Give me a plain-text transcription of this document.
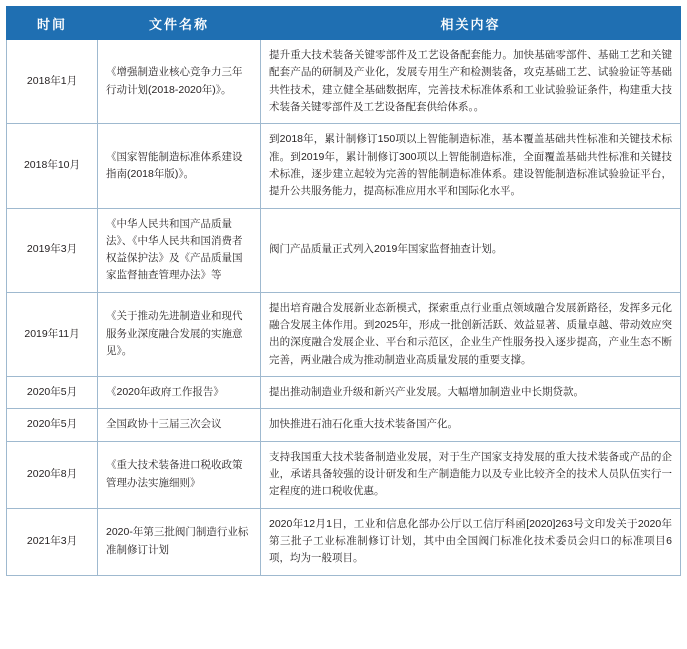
时间	文件名称	相关内容
2018年1月	《增强制造业核心竞争力三年行动计划(2018-2020年)》。	提升重大技术装备关键零部件及工艺设备配套能力。加快基础零部件、基础工艺和关键配套产品的研制及产业化，发展专用生产和检测装备，攻克基础工艺、试验验证等基础共性技术，建立健全基础数据库，完善技术标准体系和工业试验验证条件，构建重大技术装备关键零部件及工艺设备配套供给体系。。
2018年10月	《国家智能制造标准体系建设指南(2018年版)》。	到2018年，累计制修订150项以上智能制造标准，基本覆盖基础共性标准和关键技术标准。到2019年，累计制修订300项以上智能制造标准，全面覆盖基础共性标准和关键技术标准，逐步建立起较为完善的智能制造标准体系。建设智能制造标准试验验证平台，提升公共服务能力，提高标准应用水平和国际化水平。
2019年3月	《中华人民共和国产品质量法》、《中华人民共和国消费者权益保护法》及《产品质量国家监督抽查管理办法》等	阀门产品质量正式列入2019年国家监督抽查计划。
2019年11月	《关于推动先进制造业和现代服务业深度融合发展的实施意见》。	提出培育融合发展新业态新模式，探索重点行业重点领域融合发展新路径，发挥多元化融合发展主体作用。到2025年，形成一批创新活跃、效益显著、质量卓越、带动效应突出的深度融合发展企业、平台和示范区，企业生产性服务投入逐步提高，产业生态不断完善，两业融合成为推动制造业高质量发展的重要支撑。
2020年5月	《2020年政府工作报告》	提出推动制造业升级和新兴产业发展。大幅增加制造业中长期贷款。
2020年5月	全国政协十三届三次会议	加快推进石油石化重大技术装备国产化。
2020年8月	《重大技术装备进口税收政策管理办法实施细则》	支持我国重大技术装备制造业发展，对于生产国家支持发展的重大技术装备或产品的企业，承诺具备较强的设计研发和生产制造能力以及专业比较齐全的技术人员队伍实行一定程度的进口税收优惠。
2021年3月	2020-年第三批阀门制造行业标准制修订计划	2020年12月1日，工业和信息化部办公厅以工信厅科函[2020]263号文印发关于2020年第三批子工业标准制修订计划，其中由全国阀门标准化技术委员会归口的标准项目6项，均为一般项目。
